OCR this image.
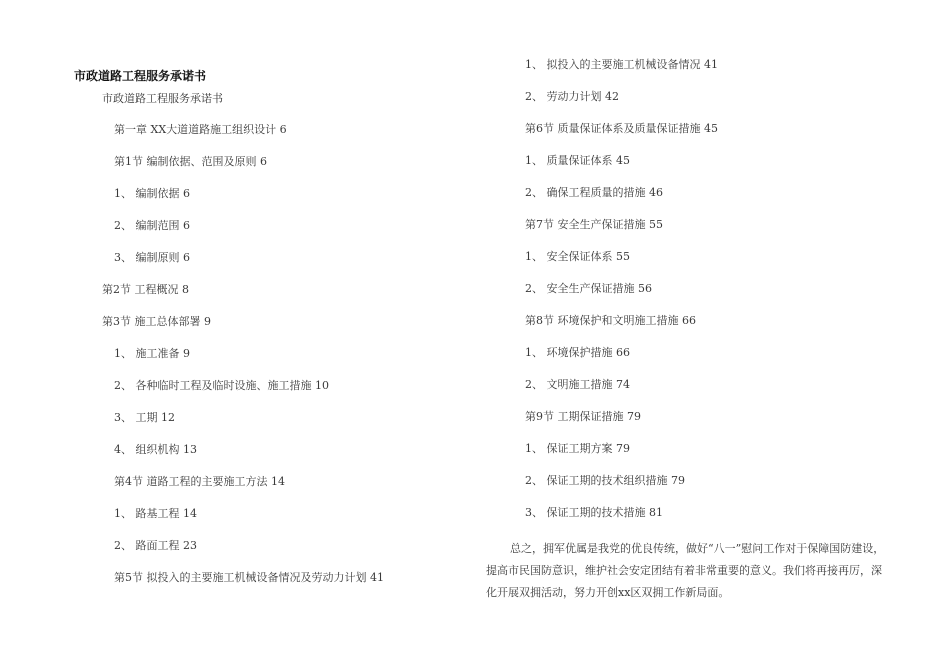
市政道路工程服务承诺书
市政道路工程服务承诺书
第一章 XX大道道路施工组织设计 6
第1节 编制依据、范围及原则 6
1、 编制依据 6
2、 编制范围 6
3、 编制原则 6
第2节 工程概况 8
第3节 施工总体部署 9
1、 施工准备 9
2、 各种临时工程及临时设施、施工措施 10
3、 工期 12
4、 组织机构 13
第4节 道路工程的主要施工方法 14
1、 路基工程 14
2、 路面工程 23
第5节 拟投入的主要施工机械设备情况及劳动力计划 41
1、 拟投入的主要施工机械设备情况 41
2、 劳动力计划 42
第6节 质量保证体系及质量保证措施 45
1、 质量保证体系 45
2、 确保工程质量的措施 46
第7节 安全生产保证措施 55
1、 安全保证体系 55
2、 安全生产保证措施 56
第8节 环境保护和文明施工措施 66
1、 环境保护措施 66
2、 文明施工措施 74
第9节 工期保证措施 79
1、 保证工期方案 79
2、 保证工期的技术组织措施 79
3、 保证工期的技术措施 81
总之，拥军优属是我党的优良传统，做好“八一”慰问工作对于保障国防建设，提高市民国防意识，维护社会安定团结有着非常重要的意义。我们将再接再厉，深化开展双拥活动，努力开创xx区双拥工作新局面。
